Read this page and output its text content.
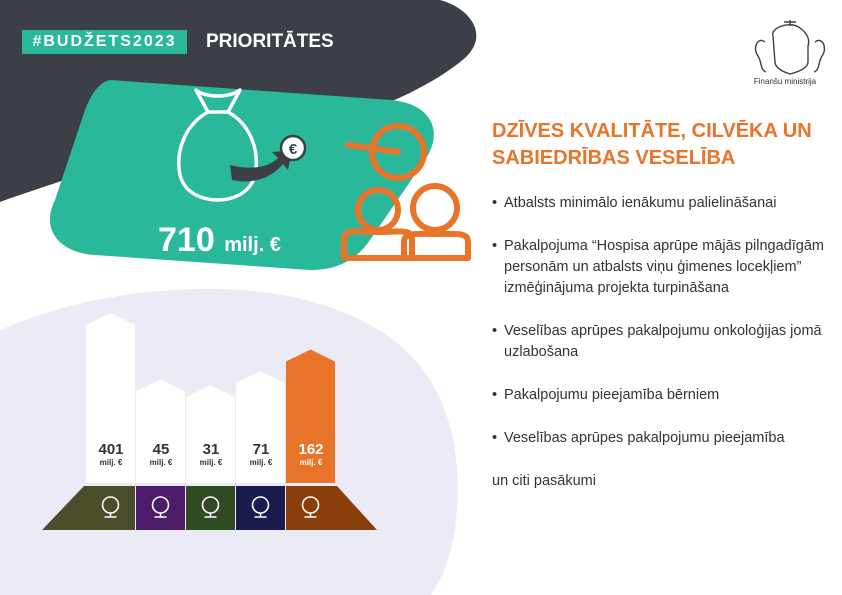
€
#BUDŽETS2023	PRIORITĀTES
Finanšu ministrija
710 milj. €
DZĪVES KVALITĀTE, CILVĒKA UN SABIEDRĪBAS VESELĪBA
• Atbalsts minimālo ienākumu palielināšanai
• Pakalpojuma “Hospisa aprūpe mājās pilngadīgām personām un atbalsts viņu ģimenes locekļiem” izmēģinājuma projekta turpināšana
• Veselības aprūpes pakalpojumu onkoloģijas jomā uzlabošana
• Pakalpojumu pieejamība bērniem
• Veselības aprūpes pakalpojumu pieejamība
un citi pasākumi
401
milj. €
45
milj. €
31
milj. €
71
milj. €
162
milj. €
